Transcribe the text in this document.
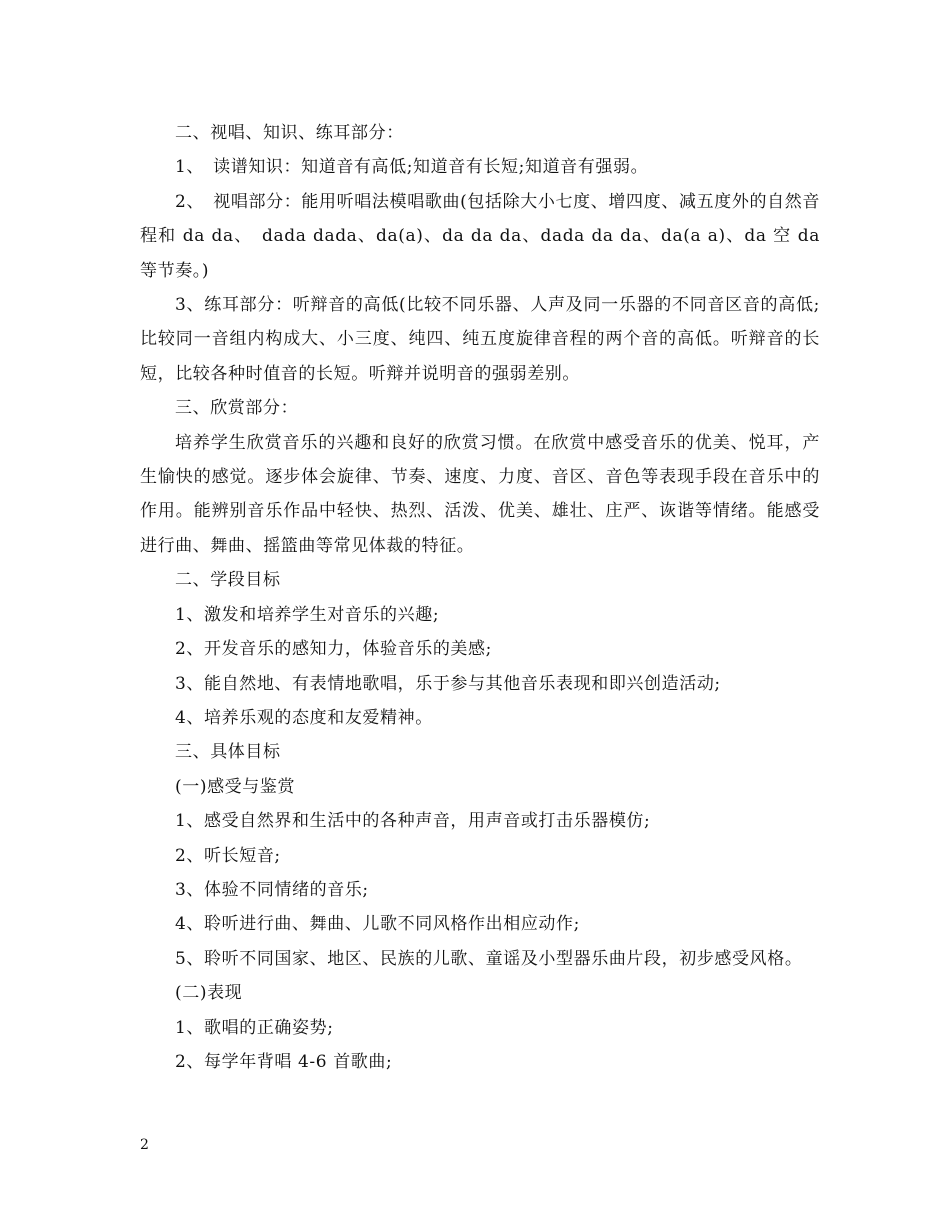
二、视唱、知识、练耳部分：

1、　读谱知识：知道音有高低;知道音有长短;知道音有强弱。

2、　视唱部分：能用听唱法模唱歌曲(包括除大小七度、增四度、减五度外的自然音程和 da da、　dada dada、da(a)、da da da、dada da da、da(a a)、da 空 da 等节奏。)

3、练耳部分：听辩音的高低(比较不同乐器、人声及同一乐器的不同音区音的高低;比较同一音组内构成大、小三度、纯四、纯五度旋律音程的两个音的高低。听辩音的长短，比较各种时值音的长短。听辩并说明音的强弱差别。

三、欣赏部分：

培养学生欣赏音乐的兴趣和良好的欣赏习惯。在欣赏中感受音乐的优美、悦耳，产生愉快的感觉。逐步体会旋律、节奏、速度、力度、音区、音色等表现手段在音乐中的作用。能辨别音乐作品中轻快、热烈、活泼、优美、雄壮、庄严、诙谐等情绪。能感受进行曲、舞曲、摇篮曲等常见体裁的特征。

二、学段目标

1、激发和培养学生对音乐的兴趣;

2、开发音乐的感知力，体验音乐的美感;

3、能自然地、有表情地歌唱，乐于参与其他音乐表现和即兴创造活动;

4、培养乐观的态度和友爱精神。

三、具体目标

(一)感受与鉴赏

1、感受自然界和生活中的各种声音，用声音或打击乐器模仿;

2、听长短音;

3、体验不同情绪的音乐;

4、聆听进行曲、舞曲、儿歌不同风格作出相应动作;

5、聆听不同国家、地区、民族的儿歌、童谣及小型器乐曲片段，初步感受风格。

(二)表现

1、歌唱的正确姿势;

2、每学年背唱 4-6 首歌曲;

2
